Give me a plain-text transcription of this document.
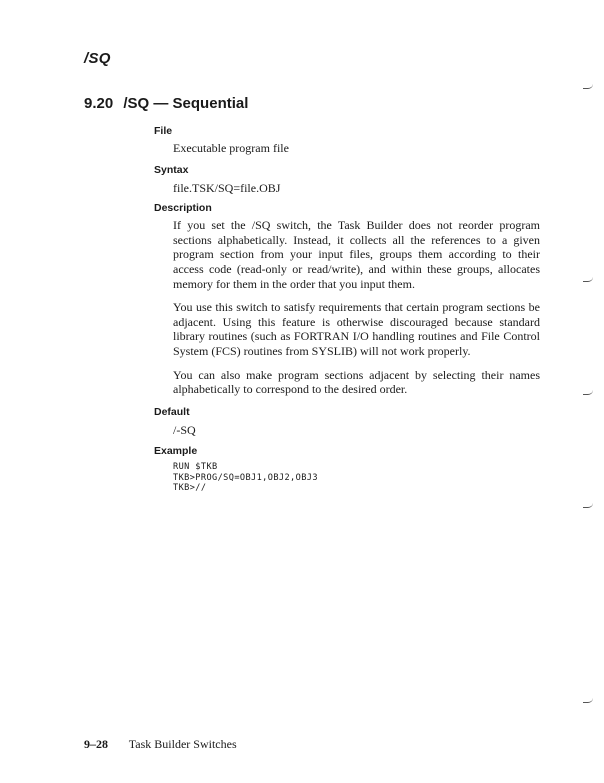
/SQ
9.20 /SQ — Sequential
File
Executable program file
Syntax
file.TSK/SQ=file.OBJ
Description

If you set the /SQ switch, the Task Builder does not reorder program sections alphabetically. Instead, it collects all the references to a given program section from your input files, groups them according to their access code (read-only or read/write), and within these groups, allocates memory for them in the order that you input them.

You use this switch to satisfy requirements that certain program sections be adjacent. Using this feature is otherwise discouraged because standard library routines (such as FORTRAN I/O handling routines and File Control System (FCS) routines from SYSLIB) will not work properly.

You can also make program sections adjacent by selecting their names alphabetically to correspond to the desired order.

Default
/-SQ
Example
RUN $TKB
TKB>PROG/SQ=OBJ1,OBJ2,OBJ3
TKB>//
9–28 Task Builder Switches
